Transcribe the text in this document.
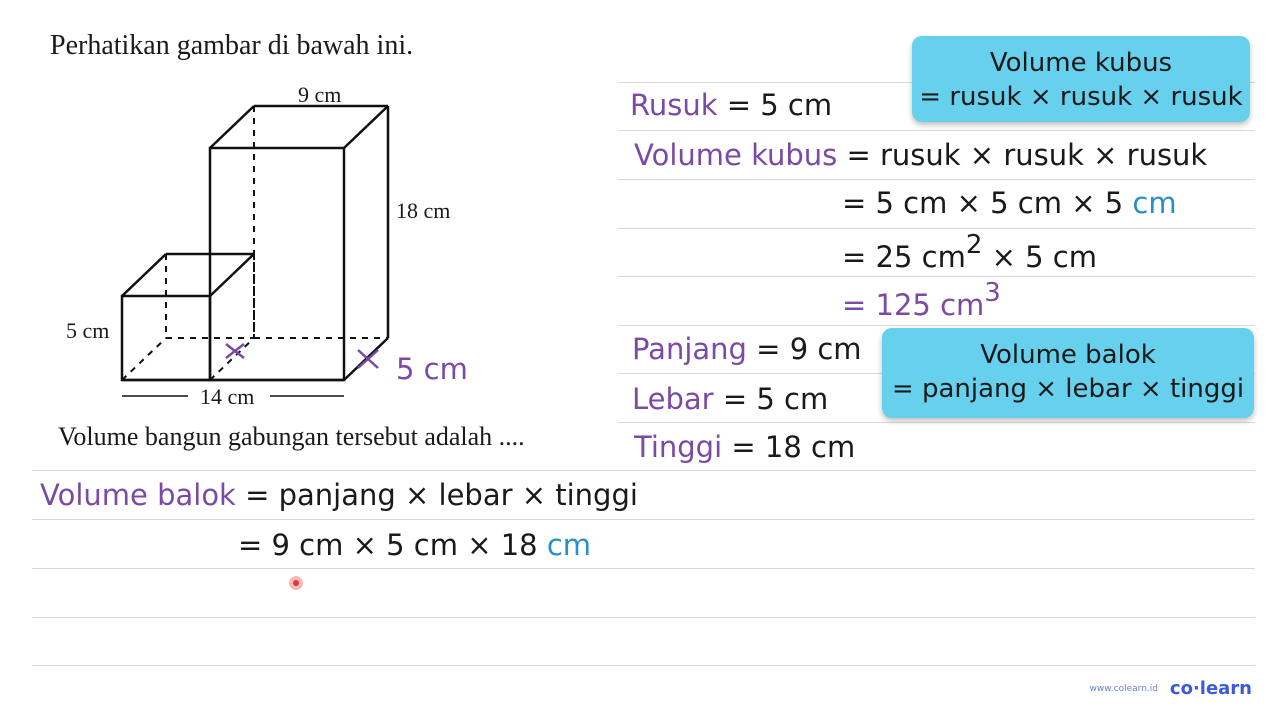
Perhatikan gambar di bawah ini.
9 cm
18 cm
5 cm
14 cm
5 cm
Volume bangun gabungan tersebut adalah ....
Volume kubus
= rusuk × rusuk × rusuk
Rusuk = 5 cm
Volume kubus = rusuk × rusuk × rusuk
= 5 cm × 5 cm × 5 cm
= 25 cm2 × 5 cm
= 125 cm3
Volume balok
= panjang × lebar × tinggi
Panjang = 9 cm
Lebar = 5 cm
Tinggi = 18 cm
Volume balok = panjang × lebar × tinggi
= 9 cm × 5 cm × 18 cm
www.colearn.id co·learn
